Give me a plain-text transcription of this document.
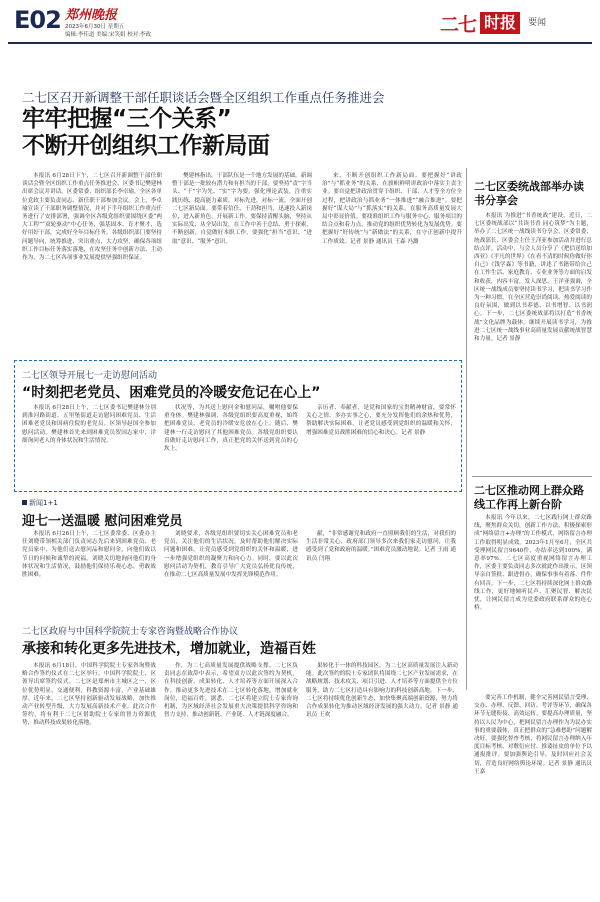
E02 郑州晚报
2023年6月30日 星期五
编辑:李佳道 美编:宋笑娟 校对:李政	二七 时报	要闻
二七区召开新调整干部任职谈话会暨全区组织工作重点任务推进会
牢牢把握“三个关系”
不断开创组织工作新局面

本报讯 6月28日下午，二七区召开新调整干部任职谈话会暨全区组织工作重点任务推进会。区委书记樊建林出席会议并讲话。区委常委、组织部长李卓瑜，全区各单位党政主要负责同志、新任职干部参加会议。会上，李卓瑜宣读了干部职务调整情况，并对下半年组织工作重点任务进行了安排部署，强调全区各级党组织要围绕区委“两大工程”“双轮驱动”中心任务，强基固本、育才聚才，选好用好干部，完成好全年目标任务。各级组织部门要坚持问题导向，统筹推进、突出重点、大力攻坚，确保各项组织工作目标任务落实落地，在攻坚任务中创新方法、主动作为，为二七区各项事业发展提供坚强组织保证。

樊建林指出，干部队伍是一个地方发展的基础。新调整干部是一批较有潜力和有担当的干部，要坚持“责”字当头、“干”字为先、“实”字为要，强化理论武装，注重实践历练，提高能力素质，对标先进，对标一流，全面开创二七区新局面。要带着信任、干劲和担当，迅速投入新岗位，进入新角色，开展新工作。要保持清醒头脑，坚持从实际出发、从全局出发，在工作中善于总结、勇于探索、不断创新，自觉做好本职工作。要强化“担当”意识、“进取”意识、“服务”意识。

来、不断开创组织工作新局面。要把握好“讲政治”与“抓业务”的关系，在旗帜鲜明讲政治中落实主责主业。要自觉把讲政治贯穿于组织、干部、人才等全方位全过程，把讲政治与抓业务“一体推进”“融合推进”。要把握好“谋大局”与“抓落实”的关系，在服务高质量发展大局中彰显价值。要找准组织工作与服务中心、服务项目的结合点和着力点，推动党的组织优势转化为发展优势。要把握好“好传统”与“新做法”的关系，在守正创新中提升工作质效。记者 景静 通讯员 王森 冯潞

二七区委统战部举办读书分享会

本报讯 为推进“书香统战”建设，近日，二七区委统战部以“共读书香 同心筑梦”为主题，举办了二七区统一战线读书分享会，区委常委、统战部长、区委会主任王洋亚参加活动并进行总结点评。活动中，与会人员分享了《把信送给加西亚》《平凡的世界》《在看不清的时候你做好你自己》《钱学森》等书籍，讲述了书籍带给自己在工作生活、家庭教育、专业业务等方面的启发和收获，内容丰富，发人深思。王洋亚强调，全区统一战线成员要坚持读书学习，把读书学习作为一种习惯，在全区营造崇尚阅读、热爱阅读的良好氛围，做到以书养德、以书增智、以书润心。下一步，二七区委统战部将以打造“书香统战”文化品牌为载体，继续开展读书学习，为推进二七区统一战线事业高质量发展贡献统战智慧和力量。记者 景静

二七区推动网上群众路线工作再上新台阶

本报讯 今年以来，二七区践行网上群众路线，聚焦群众关切，创新工作方法，积极探索形成“网络留言+办理”的工作模式，网络留言办理工作取得明显成效。2023年1月至6月，全区共受理网民留言9640件，办结率达到100%，满意率97%。二七区高度重视网络留言办理工作，区委主要负责同志多次就此作出批示，区领导亲自签批、跟进督办，确保事事有着落、件件有回音。下一步，二七区将持续深化网上群众路线工作，更好地倾听民声、汇聚民智、解决民忧，让网民留言成为党委政府联系群众的连心桥。

要完善工作机制，健全完善网民留言受理、交办、办理、反馈、回访、考评等环节，确保各环节无缝衔接、高效运转。要提高办理质量，坚持以人民为中心，把网民留言办理作为为民办实事的重要载体，真正把群众的“急难愁盼”问题解决好。要强化督查考核，将网民留言办理纳入年度目标考核，对敷衍应付、推诿扯皮的单位予以通报批评。要加强舆论引导，及时回应社会关切，营造良好网络舆论环境。记者 景静 通讯员 王嘉

二七区领导开展七一走访慰问活动
“时刻把老党员、困难党员的冷暖安危记在心上”

本报讯 6月28日上午，二七区委书记樊建林分别到淮河路街道、五里堡街道走访慰问困难党员、生活困难老党员和因病住院的老党员。区领导赵国全参加慰问活动。樊建林首先来到困难党员贺国志家中，详细询问老人的身体状况和生活情况。

状况等，为其送上慰问金和慰问品，嘱咐他要保重身体。樊建林强调，各级党组织要高度重视，始终把困难党员、老党员的冷暖安危放在心上。随后，樊建林一行走访慰问了其他困难党员。各级党组织要认真做好走访慰问工作，真正把党的关怀送到党员的心坎上。

亲历者、奉献者，是党和国家的宝贵精神财富，要常怀关心之情、多办实事之心，要充分发挥他们的余热和优势，帮助解决实际困难，让老党员感受到党组织的温暖和关怀，增强困难党员战胜困难的信心和决心。记者 景静

新闻1+1
迎七一送温暖 慰问困难党员

本报讯 6月26日上午，二七区委常委、区委办主任刘晓带领相关部门负责同志先后来到困难党员、老党员家中，为他们送去慰问品和慰问金，向他们致以节日的问候和诚挚的祝福。刘晓关切地询问他们的身体状况和生活情况，鼓励他们保持乐观心态，勇敢战胜困难。

刘晓要求，各级党组织要切实关心困难党员和老党员，关注他们的生活状况，及时帮助他们解决实际问题和困难，让党员感受到党组织的关怀和温暖，进一步增强党组织的凝聚力和向心力。同时，要以此次慰问活动为契机，教育引导广大党员弘扬优良传统，在推动二七区高质量发展中发挥先锋模范作用。

献，“非常感谢党和政府一直照顾我们的生活，对我们的生活非常关心，政府部门领导多次来我们家走访慰问，让我感受到了党和政府的温暖。”困难党员激动地说。记者 王雨 通讯员 闫翔

二七区政府与中国科学院院士专家咨询暨战略合作协议
承接和转化更多先进技术，增加就业，造福百姓

本报讯 6月18日，中国科学院院士专家咨询暨战略合作签约仪式在二七区举行。中国科学院院士、区领导出席签约仪式。二七区是郑州市主城区之一，区位优势明显，交通便利，科教资源丰富，产业基础雄厚。近年来，二七区坚持创新驱动发展战略，加快推动产业转型升级，大力发展高新技术产业。此次合作签约，将有利于二七区借助院士专家的智力资源优势，推动科技成果转化落地。

作，为二七高质量发展提供战略支撑。二七区负责同志在致辞中表示，希望双方以此次签约为契机，在科技创新、成果转化、人才培养等方面开展深入合作，推动更多先进技术在二七区转化落地，增加就业岗位，造福百姓。据悉，二七区将建立院士专家咨询机制，为区域经济社会发展重大决策提供科学咨询和智力支持，推动创新链、产业链、人才链深度融合。

果转化于一体的科技园区，为二七区高质量发展注入新动能。此次签约的院士专家团队将围绕二七区产业发展需求，在战略规划、技术攻关、项目引进、人才培养等方面提供全方位服务，助力二七区打造具有影响力的科技创新高地。下一步，二七区将持续优化创新生态，加快集聚高端创新资源，努力将合作成果转化为推动区域经济发展的强大动力。记者 景静 通讯员 王欢
